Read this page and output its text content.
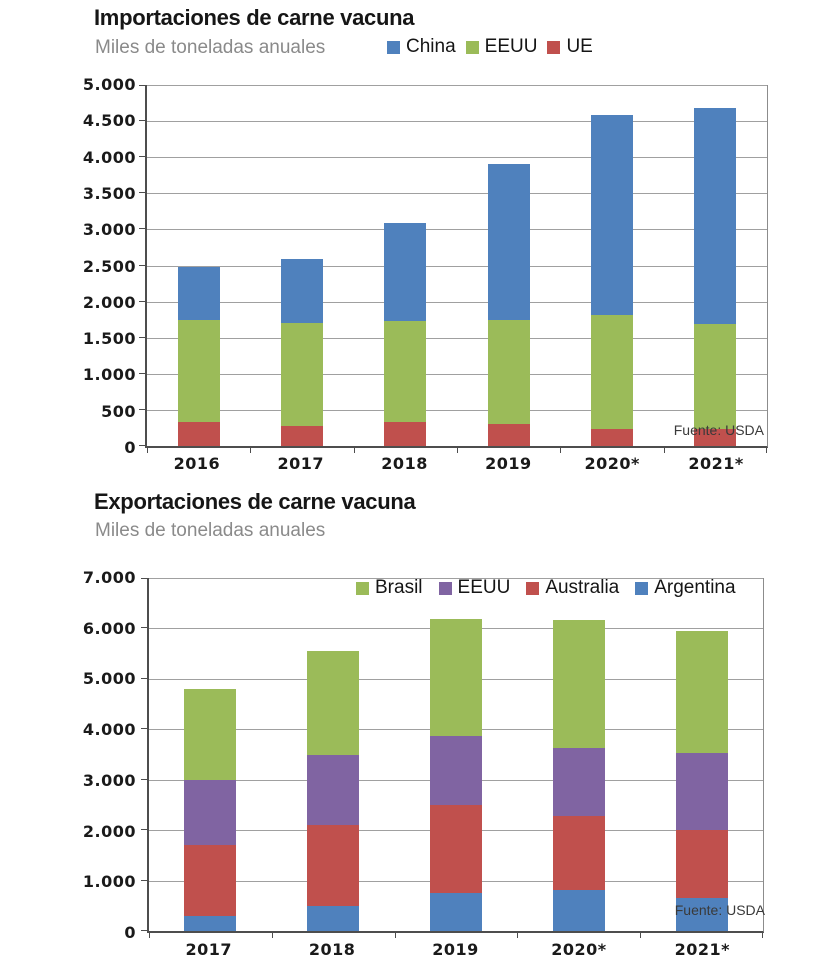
Importaciones de carne vacuna
Miles de toneladas anuales	China EEUU UE
0
500
1.000
1.500
2.000
2.500
3.000
3.500
4.000
4.500
5.000
Fuente: USDA
2016	2017	2018	2019	2020*	2021*
Exportaciones de carne vacuna
Miles de toneladas anuales
Brasil EEUU Australia Argentina
0
1.000
2.000
3.000
4.000
5.000
6.000
7.000
Fuente: USDA
2017	2018	2019	2020*	2021*
